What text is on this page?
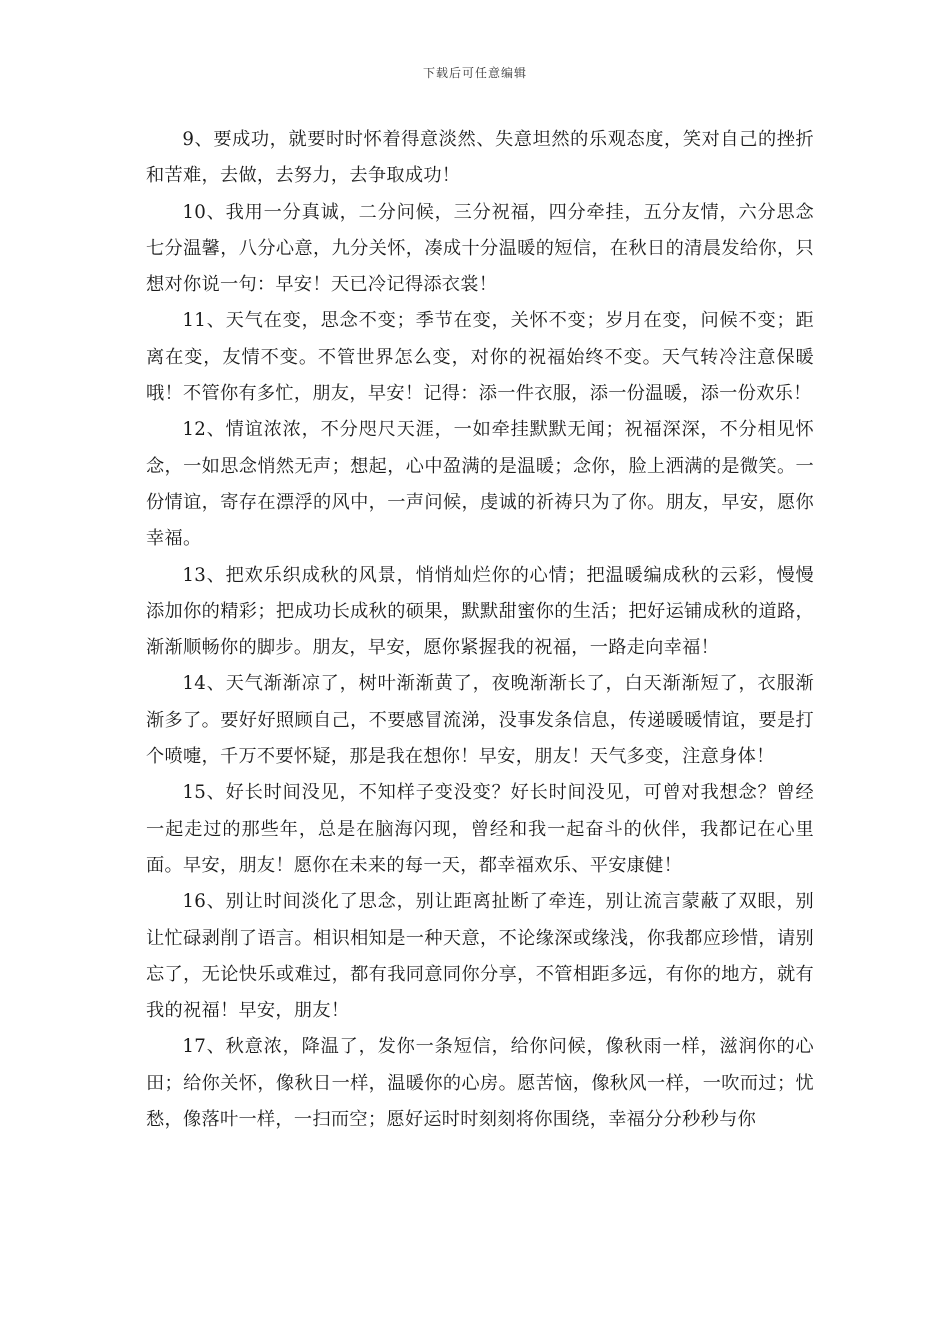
下载后可任意编辑

9、要成功，就要时时怀着得意淡然、失意坦然的乐观态度，笑对自己的挫折和苦难，去做，去努力，去争取成功！

10、我用一分真诚，二分问候，三分祝福，四分牵挂，五分友情，六分思念七分温馨，八分心意，九分关怀，凑成十分温暖的短信，在秋日的清晨发给你，只想对你说一句：早安！天已冷记得添衣裳！

11、天气在变，思念不变；季节在变，关怀不变；岁月在变，问候不变；距离在变，友情不变。不管世界怎么变，对你的祝福始终不变。天气转冷注意保暖哦！不管你有多忙，朋友，早安！记得：添一件衣服，添一份温暖，添一份欢乐！

12、情谊浓浓，不分咫尺天涯，一如牵挂默默无闻；祝福深深，不分相见怀念，一如思念悄然无声；想起，心中盈满的是温暖；念你，脸上洒满的是微笑。一份情谊，寄存在漂浮的风中，一声问候，虔诚的祈祷只为了你。朋友，早安，愿你幸福。

13、把欢乐织成秋的风景，悄悄灿烂你的心情；把温暖编成秋的云彩，慢慢添加你的精彩；把成功长成秋的硕果，默默甜蜜你的生活；把好运铺成秋的道路，渐渐顺畅你的脚步。朋友，早安，愿你紧握我的祝福，一路走向幸福！

14、天气渐渐凉了，树叶渐渐黄了，夜晚渐渐长了，白天渐渐短了，衣服渐渐多了。要好好照顾自己，不要感冒流涕，没事发条信息，传递暖暖情谊，要是打个喷嚏，千万不要怀疑，那是我在想你！早安，朋友！天气多变，注意身体！

15、好长时间没见，不知样子变没变？好长时间没见，可曾对我想念？曾经一起走过的那些年，总是在脑海闪现，曾经和我一起奋斗的伙伴，我都记在心里面。早安，朋友！愿你在未来的每一天，都幸福欢乐、平安康健！

16、别让时间淡化了思念，别让距离扯断了牵连，别让流言蒙蔽了双眼，别让忙碌剥削了语言。相识相知是一种天意，不论缘深或缘浅，你我都应珍惜，请别忘了，无论快乐或难过，都有我同意同你分享，不管相距多远，有你的地方，就有我的祝福！早安，朋友！

17、秋意浓，降温了，发你一条短信，给你问候，像秋雨一样，滋润你的心田；给你关怀，像秋日一样，温暖你的心房。愿苦恼，像秋风一样，一吹而过；忧愁，像落叶一样，一扫而空；愿好运时时刻刻将你围绕，幸福分分秒秒与你
